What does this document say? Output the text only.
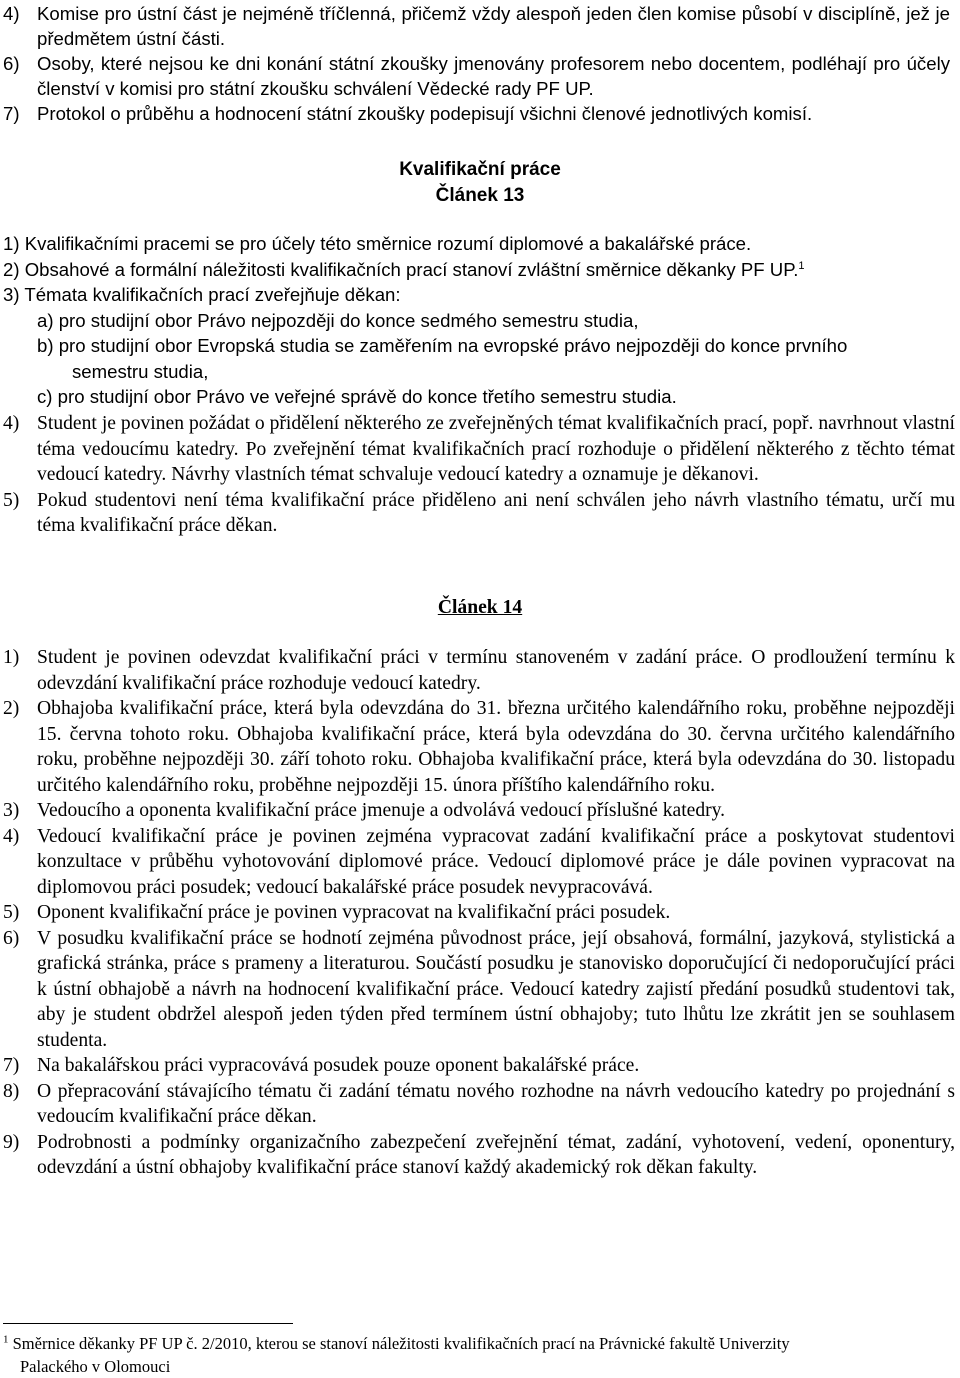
4) Komise pro ústní část je nejméně tříčlenná, přičemž vždy alespoň jeden člen komise působí v disciplíně, jež je předmětem ústní části.

6) Osoby, které nejsou ke dni konání státní zkoušky jmenovány profesorem nebo docentem, podléhají pro účely členství v komisi pro státní zkoušku schválení Vědecké rady PF UP.

7) Protokol o průběhu a hodnocení státní zkoušky podepisují všichni členové jednotlivých komisí.

Kvalifikační práce

Článek 13

1) Kvalifikačními pracemi se pro účely této směrnice rozumí diplomové a bakalářské práce.

2) Obsahové a formální náležitosti kvalifikačních prací stanoví zvláštní směrnice děkanky PF UP.$^1$

3) Témata kvalifikačních prací zveřejňuje děkan:

a) pro studijní obor Právo nejpozději do konce sedmého semestru studia,

b) pro studijní obor Evropská studia se zaměřením na evropské právo nejpozději do konce prvního

semestru studia,

c) pro studijní obor Právo ve veřejné správě do konce třetího semestru studia.

4) Student je povinen požádat o přidělení některého ze zveřejněných témat kvalifikačních prací, popř. navrhnout vlastní téma vedoucímu katedry. Po zveřejnění témat kvalifikačních prací rozhoduje o přidělení některého z těchto témat vedoucí katedry. Návrhy vlastních témat schvaluje vedoucí katedry a oznamuje je děkanovi.

5) Pokud studentovi není téma kvalifikační práce přiděleno ani není schválen jeho návrh vlastního tématu, určí mu téma kvalifikační práce děkan.

Článek 14

1) Student je povinen odevzdat kvalifikační práci v termínu stanoveném v zadání práce. O prodloužení termínu k odevzdání kvalifikační práce rozhoduje vedoucí katedry.

2) Obhajoba kvalifikační práce, která byla odevzdána do 31. března určitého kalendářního roku, proběhne nejpozději 15. června tohoto roku. Obhajoba kvalifikační práce, která byla odevzdána do 30. června určitého kalendářního roku, proběhne nejpozději 30. září tohoto roku. Obhajoba kvalifikační práce, která byla odevzdána do 30. listopadu určitého kalendářního roku, proběhne nejpozději 15. února příštího kalendářního roku.

3) Vedoucího a oponenta kvalifikační práce jmenuje a odvolává vedoucí příslušné katedry.

4) Vedoucí kvalifikační práce je povinen zejména vypracovat zadání kvalifikační práce a poskytovat studentovi konzultace v průběhu vyhotovování diplomové práce. Vedoucí diplomové práce je dále povinen vypracovat na diplomovou práci posudek; vedoucí bakalářské práce posudek nevypracovává.

5) Oponent kvalifikační práce je povinen vypracovat na kvalifikační práci posudek.

6) V posudku kvalifikační práce se hodnotí zejména původnost práce, její obsahová, formální, jazyková, stylistická a grafická stránka, práce s prameny a literaturou. Součástí posudku je stanovisko doporučující či nedoporučující práci k ústní obhajobě a návrh na hodnocení kvalifikační práce. Vedoucí katedry zajistí předání posudků studentovi tak, aby je student obdržel alespoň jeden týden před termínem ústní obhajoby; tuto lhůtu lze zkrátit jen se souhlasem studenta.

7) Na bakalářskou práci vypracovává posudek pouze oponent bakalářské práce.

8) O přepracování stávajícího tématu či zadání tématu nového rozhodne na návrh vedoucího katedry po projednání s vedoucím kvalifikační práce děkan.

9) Podrobnosti a podmínky organizačního zabezpečení zveřejnění témat, zadání, vyhotovení, vedení, oponentury, odevzdání a ústní obhajoby kvalifikační práce stanoví každý akademický rok děkan fakulty.

$^1$ Směrnice děkanky PF UP č. 2/2010, kterou se stanoví náležitosti kvalifikačních prací na Právnické fakultě Univerzity
Palackého v Olomouci
